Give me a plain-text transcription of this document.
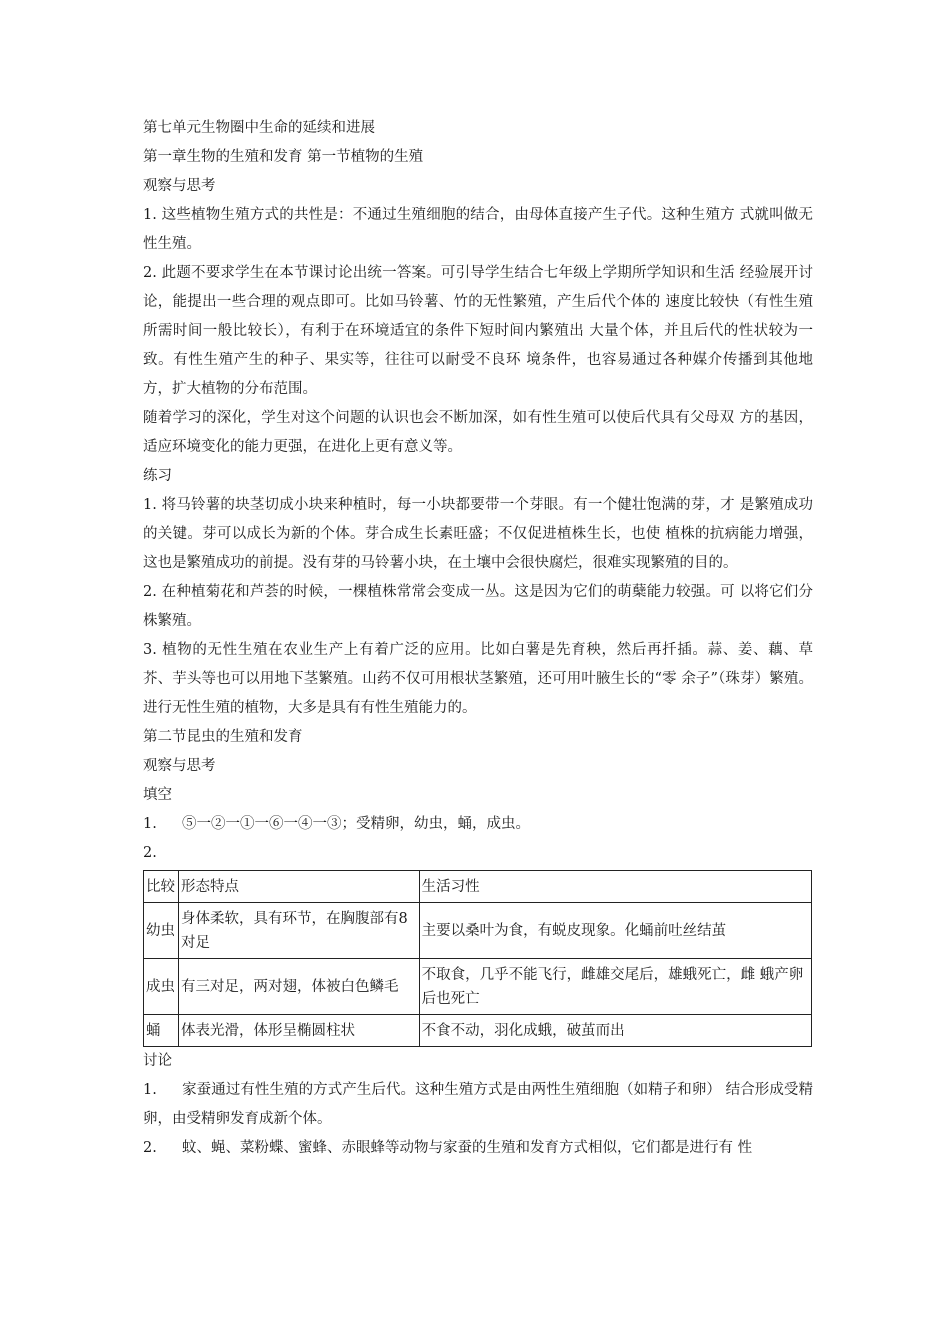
第七单元生物圈中生命的延续和进展

第一章生物的生殖和发育 第一节植物的生殖

观察与思考

1. 这些植物生殖方式的共性是：不通过生殖细胞的结合，由母体直接产生子代。这种生殖方 式就叫做无性生殖。

2. 此题不要求学生在本节课讨论出统一答案。可引导学生结合七年级上学期所学知识和生活 经验展开讨论，能提出一些合理的观点即可。比如马铃薯、竹的无性繁殖，产生后代个体的 速度比较快（有性生殖所需时间一般比较长），有利于在环境适宜的条件下短时间内繁殖出 大量个体，并且后代的性状较为一致。有性生殖产生的种子、果实等，往往可以耐受不良环 境条件，也容易通过各种媒介传播到其他地方，扩大植物的分布范围。

随着学习的深化，学生对这个问题的认识也会不断加深，如有性生殖可以使后代具有父母双 方的基因，适应环境变化的能力更强，在进化上更有意义等。

练习

1. 将马铃薯的块茎切成小块来种植时，每一小块都要带一个芽眼。有一个健壮饱满的芽，才 是繁殖成功的关键。芽可以成长为新的个体。芽合成生长素旺盛；不仅促进植株生长，也使 植株的抗病能力增强，这也是繁殖成功的前提。没有芽的马铃薯小块，在土壤中会很快腐烂，很难实现繁殖的目的。

2. 在种植菊花和芦荟的时候，一棵植株常常会变成一丛。这是因为它们的萌蘖能力较强。可 以将它们分株繁殖。

3. 植物的无性生殖在农业生产上有着广泛的应用。比如白薯是先育秧，然后再扦插。蒜、姜、藕、草芥、芋头等也可以用地下茎繁殖。山药不仅可用根状茎繁殖，还可用叶腋生长的“零 余子”（珠芽）繁殖。进行无性生殖的植物，大多是具有有性生殖能力的。

第二节昆虫的生殖和发育

观察与思考

填空

1. ⑤一②一①一⑥一④一③；受精卵，幼虫，蛹，成虫。

2.

比较	形态特点	生活习性
幼虫	身体柔软，具有环节，在胸腹部有8对足	主要以桑叶为食，有蜕皮现象。化蛹前吐丝结茧
成虫	有三对足，两对翅，体被白色鳞毛	不取食，几乎不能飞行，雌雄交尾后，雄蛾死亡，雌 蛾产卵后也死亡
蛹	体表光滑，体形呈椭圆柱状	不食不动，羽化成蛾，破茧而出

讨论

1. 家蚕通过有性生殖的方式产生后代。这种生殖方式是由两性生殖细胞（如精子和卵） 结合形成受精卵，由受精卵发育成新个体。

2. 蚊、蝇、菜粉蝶、蜜蜂、赤眼蜂等动物与家蚕的生殖和发育方式相似，它们都是进行有 性
